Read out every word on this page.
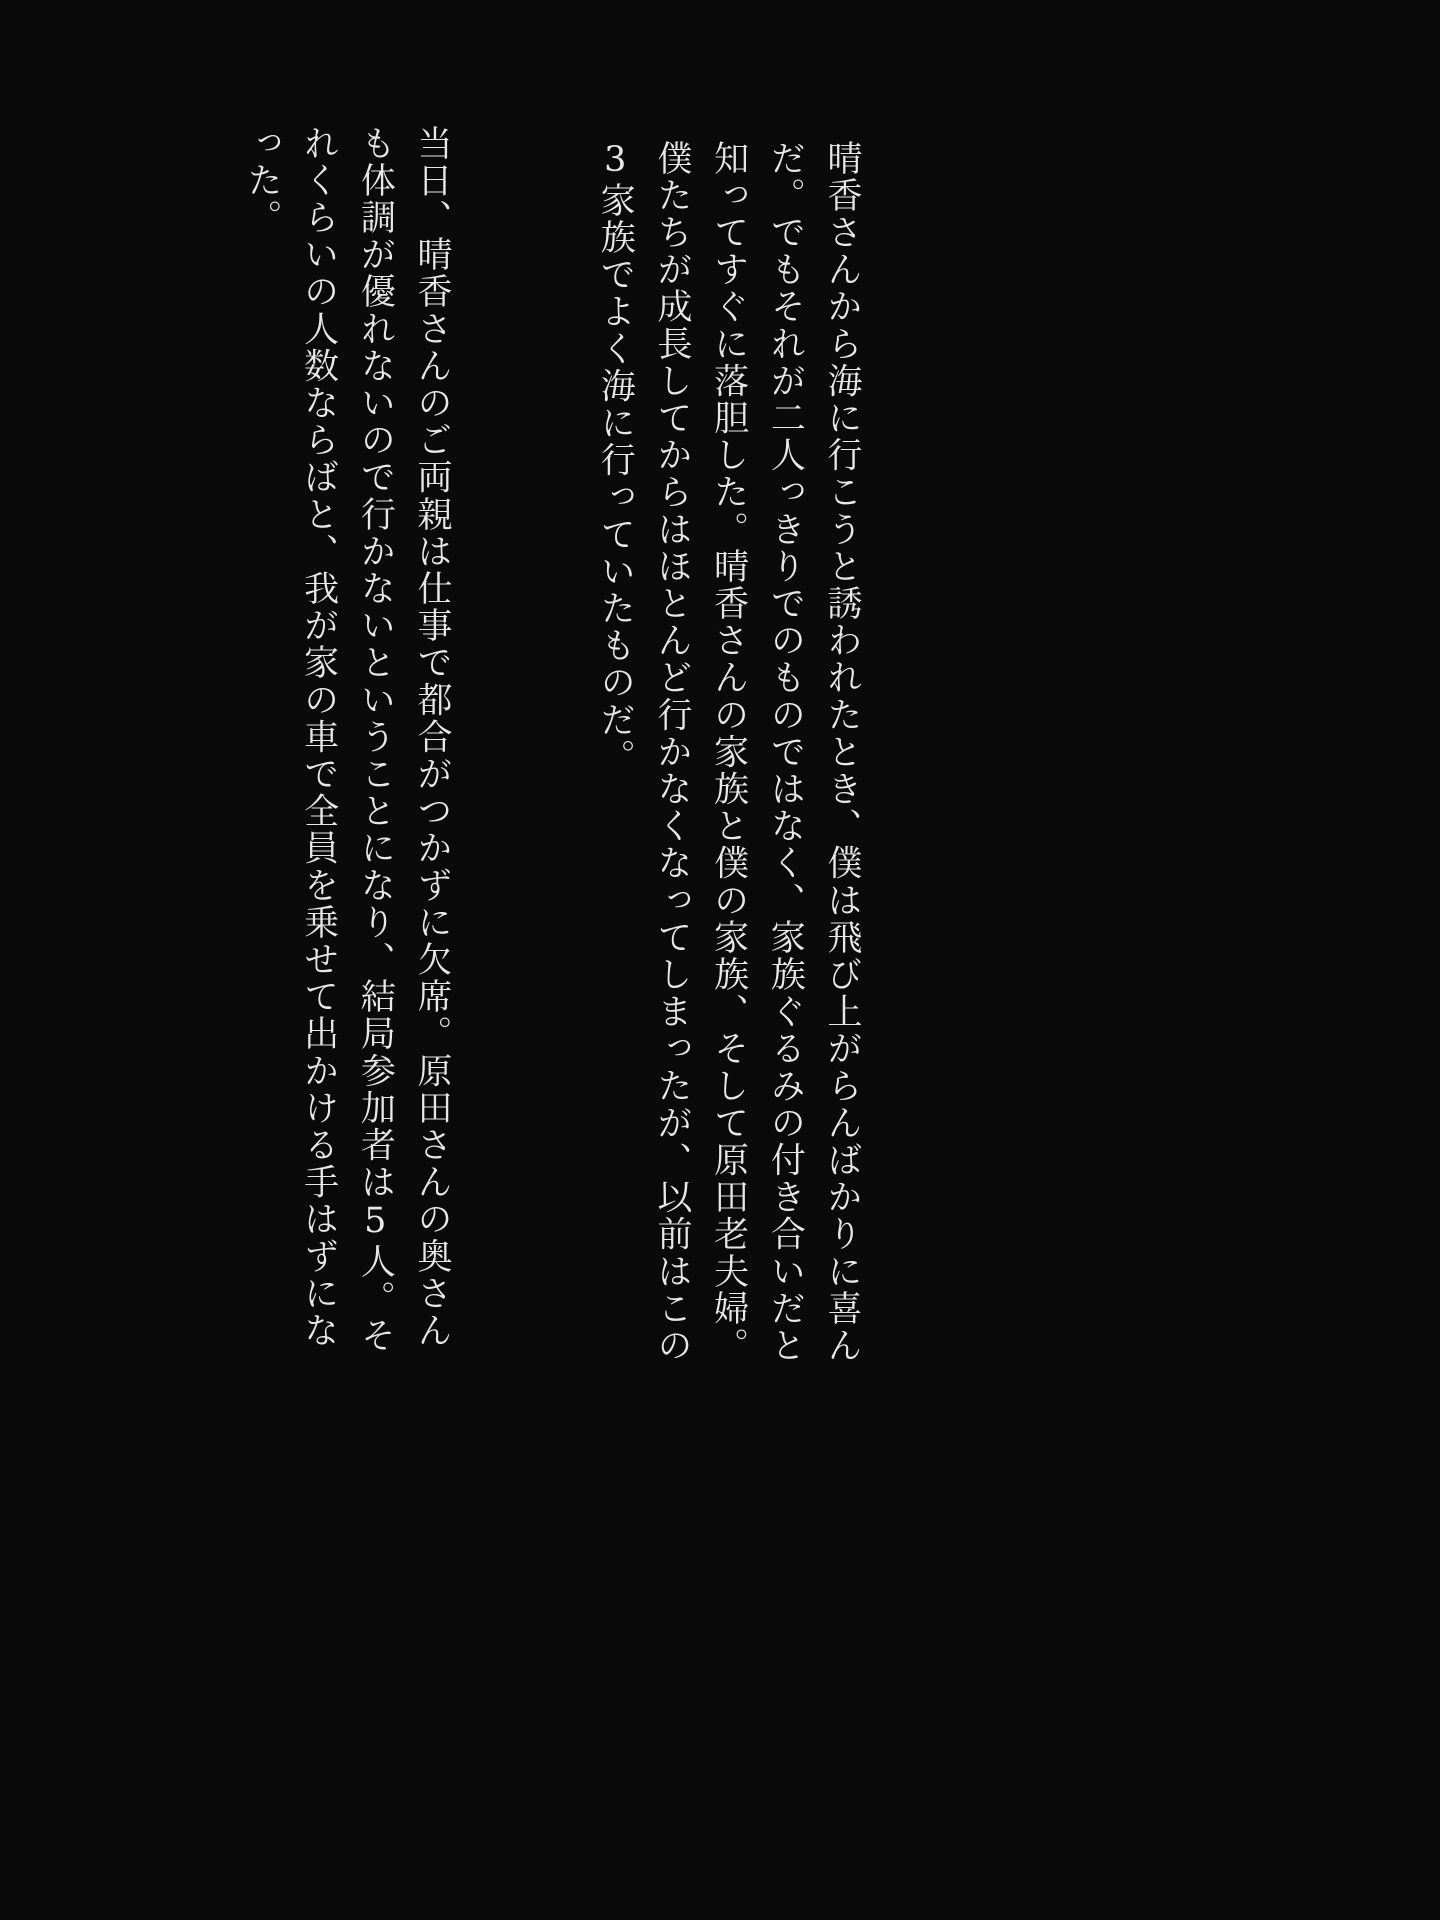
晴香さんから海に行こうと誘われたとき、僕は飛び上がらんばかりに喜んだ。でもそれが二人っきりでのものではなく、家族ぐるみの付き合いだと知ってすぐに落胆した。晴香さんの家族と僕の家族、そして原田老夫婦。僕たちが成長してからはほとんど行かなくなってしまったが、以前はこの3家族でよく海に行っていたものだ。
当日、晴香さんのご両親は仕事で都合がつかずに欠席。原田さんの奥さんも体調が優れないので行かないということになり、結局参加者は5人。それくらいの人数ならばと、我が家の車で全員を乗せて出かける手はずになった。
